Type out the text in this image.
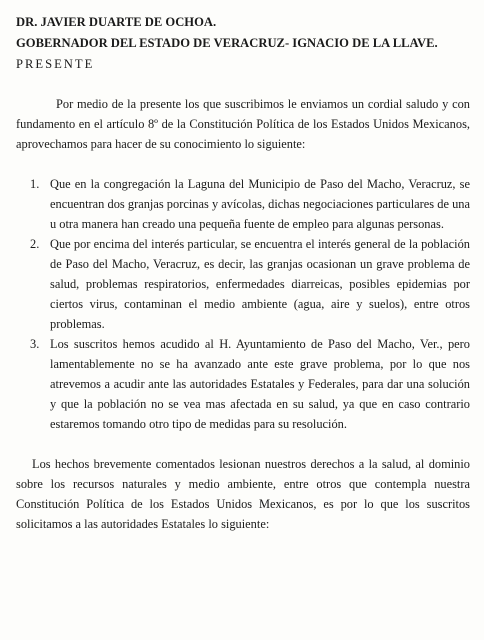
DR. JAVIER DUARTE DE OCHOA.
GOBERNADOR DEL ESTADO DE VERACRUZ- IGNACIO DE LA LLAVE.
PRESENTE

Por medio de la presente los que suscribimos le enviamos un cordial saludo y con fundamento en el artículo 8º de la Constitución Política de los Estados Unidos Mexicanos, aprovechamos para hacer de su conocimiento lo siguiente:

1. Que en la congregación la Laguna del Municipio de Paso del Macho, Veracruz, se encuentran dos granjas porcinas y avícolas, dichas negociaciones particulares de una u otra manera han creado una pequeña fuente de empleo para algunas personas.
2. Que por encima del interés particular, se encuentra el interés general de la población de Paso del Macho, Veracruz, es decir, las granjas ocasionan un grave problema de salud, problemas respiratorios, enfermedades diarreicas, posibles epidemias por ciertos virus, contaminan el medio ambiente (agua, aire y suelos), entre otros problemas.
3. Los suscritos hemos acudido al H. Ayuntamiento de Paso del Macho, Ver., pero lamentablemente no se ha avanzado ante este grave problema, por lo que nos atrevemos a acudir ante las autoridades Estatales y Federales, para dar una solución y que la población no se vea mas afectada en su salud, ya que en caso contrario estaremos tomando otro tipo de medidas para su resolución.

Los hechos brevemente comentados lesionan nuestros derechos a la salud, al dominio sobre los recursos naturales y medio ambiente, entre otros que contempla nuestra Constitución Política de los Estados Unidos Mexicanos, es por lo que los suscritos solicitamos a las autoridades Estatales lo siguiente:
